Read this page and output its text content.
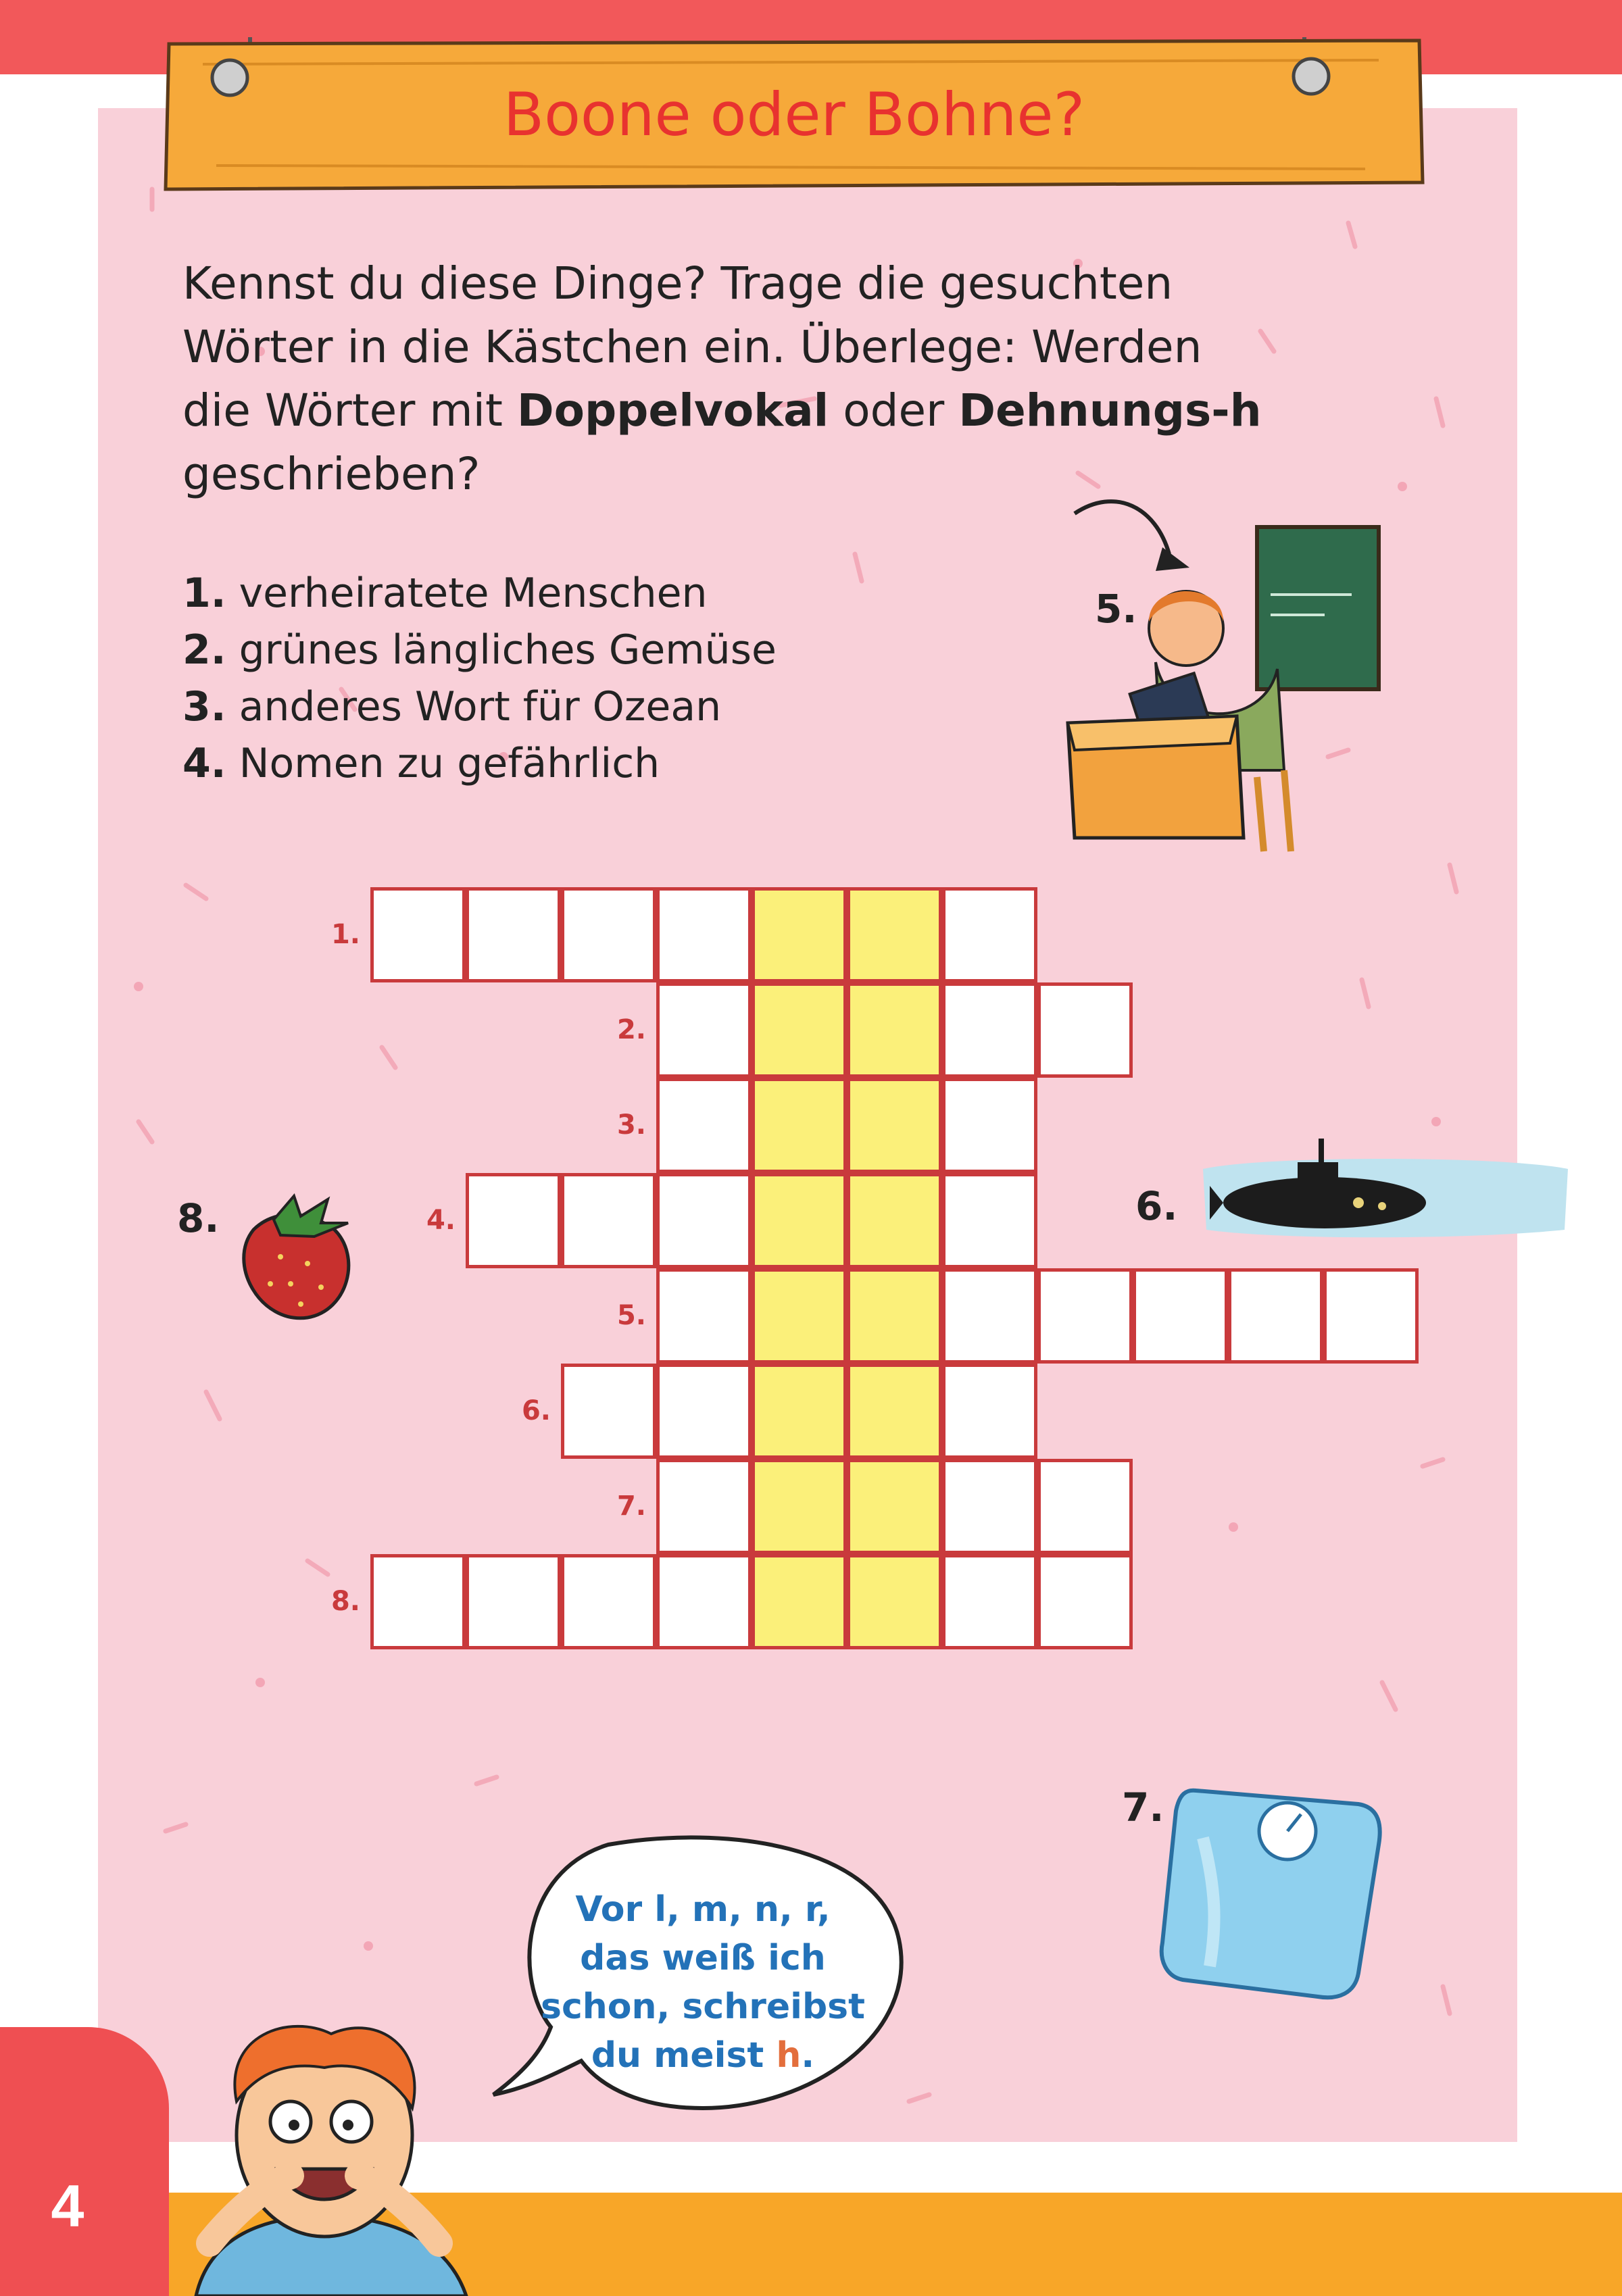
Boone oder Bohne?
Kennst du diese Dinge? Trage die gesuchten
Wörter in die Kästchen ein. Überlege: Werden
die Wörter mit Doppelvokal oder Dehnungs-h
geschrieben?
1. verheiratete Menschen
2. grünes längliches Gemüse
3. anderes Wort für Ozean
4. Nomen zu gefährlich
5.
6.
8.
1.
2.
3.
4.
5.
6.
7.
8.
7.
Vor l, m, n, r,
das weiß ich
schon, schreibst
du meist h.
4
